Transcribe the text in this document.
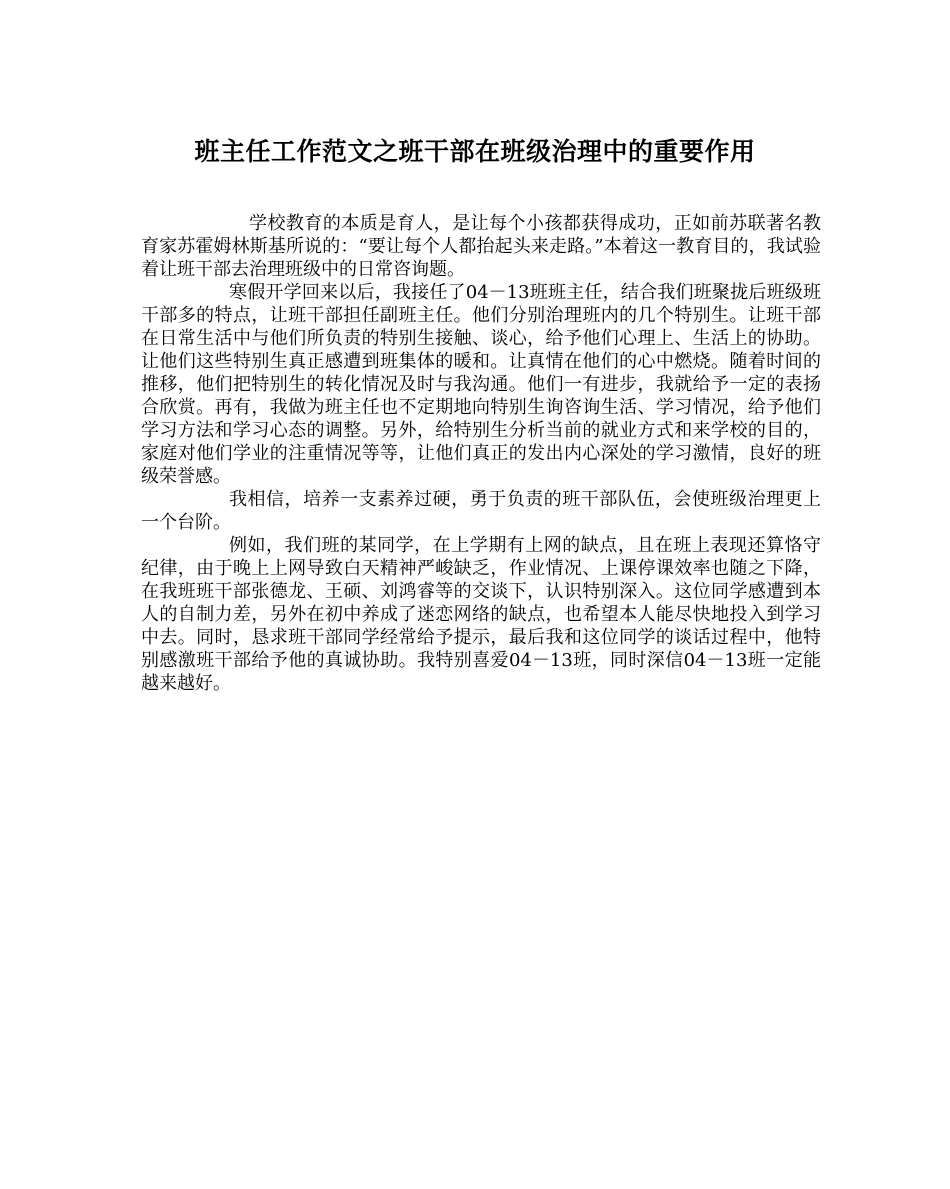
班主任工作范文之班干部在班级治理中的重要作用

学校教育的本质是育人，是让每个小孩都获得成功，正如前苏联著名教育家苏霍姆林斯基所说的：“要让每个人都抬起头来走路。”本着这一教育目的，我试验着让班干部去治理班级中的日常咨询题。

寒假开学回来以后，我接任了04－13班班主任，结合我们班聚拢后班级班干部多的特点，让班干部担任副班主任。他们分别治理班内的几个特别生。让班干部在日常生活中与他们所负责的特别生接触、谈心，给予他们心理上、生活上的协助。让他们这些特别生真正感遭到班集体的暖和。让真情在他们的心中燃烧。随着时间的推移，他们把特别生的转化情况及时与我沟通。他们一有进步，我就给予一定的表扬合欣赏。再有，我做为班主任也不定期地向特别生询咨询生活、学习情况，给予他们学习方法和学习心态的调整。另外，给特别生分析当前的就业方式和来学校的目的，家庭对他们学业的注重情况等等，让他们真正的发出内心深处的学习激情，良好的班级荣誉感。

我相信，培养一支素养过硬，勇于负责的班干部队伍，会使班级治理更上一个台阶。

例如，我们班的某同学，在上学期有上网的缺点，且在班上表现还算恪守纪律，由于晚上上网导致白天精神严峻缺乏，作业情况、上课停课效率也随之下降，在我班班干部张德龙、王硕、刘鸿睿等的交谈下，认识特别深入。这位同学感遭到本人的自制力差，另外在初中养成了迷恋网络的缺点，也希望本人能尽快地投入到学习中去。同时，恳求班干部同学经常给予提示，最后我和这位同学的谈话过程中，他特别感激班干部给予他的真诚协助。我特别喜爱04－13班，同时深信04－13班一定能越来越好。
